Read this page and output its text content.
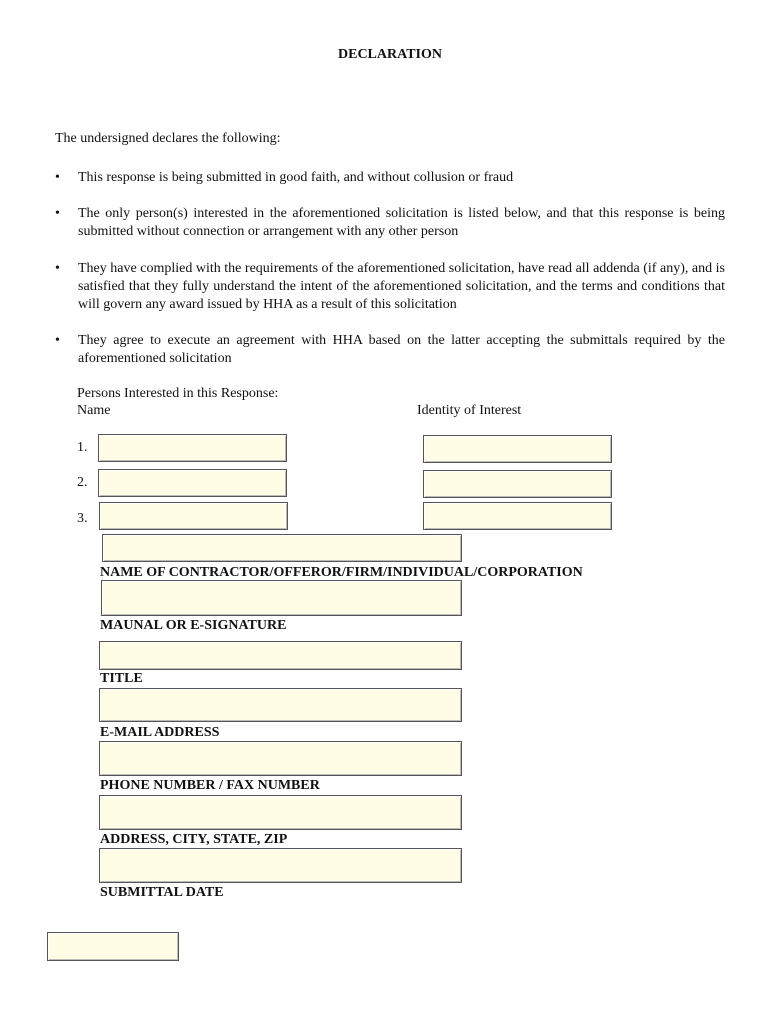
DECLARATION
The undersigned declares the following:
• This response is being submitted in good faith, and without collusion or fraud
• The only person(s) interested in the aforementioned solicitation is listed below, and that this response is being submitted without connection or arrangement with any other person
• They have complied with the requirements of the aforementioned solicitation, have read all addenda (if any), and is satisfied that they fully understand the intent of the aforementioned solicitation, and the terms and conditions that will govern any award issued by HHA as a result of this solicitation
• They agree to execute an agreement with HHA based on the latter accepting the submittals required by the aforementioned solicitation
Persons Interested in this Response:
Name	Identity of Interest
1.
2.
3.
NAME OF CONTRACTOR/OFFEROR/FIRM/INDIVIDUAL/CORPORATION
MAUNAL OR E-SIGNATURE
TITLE
E-MAIL ADDRESS
PHONE NUMBER / FAX NUMBER
ADDRESS, CITY, STATE, ZIP
SUBMITTAL DATE
